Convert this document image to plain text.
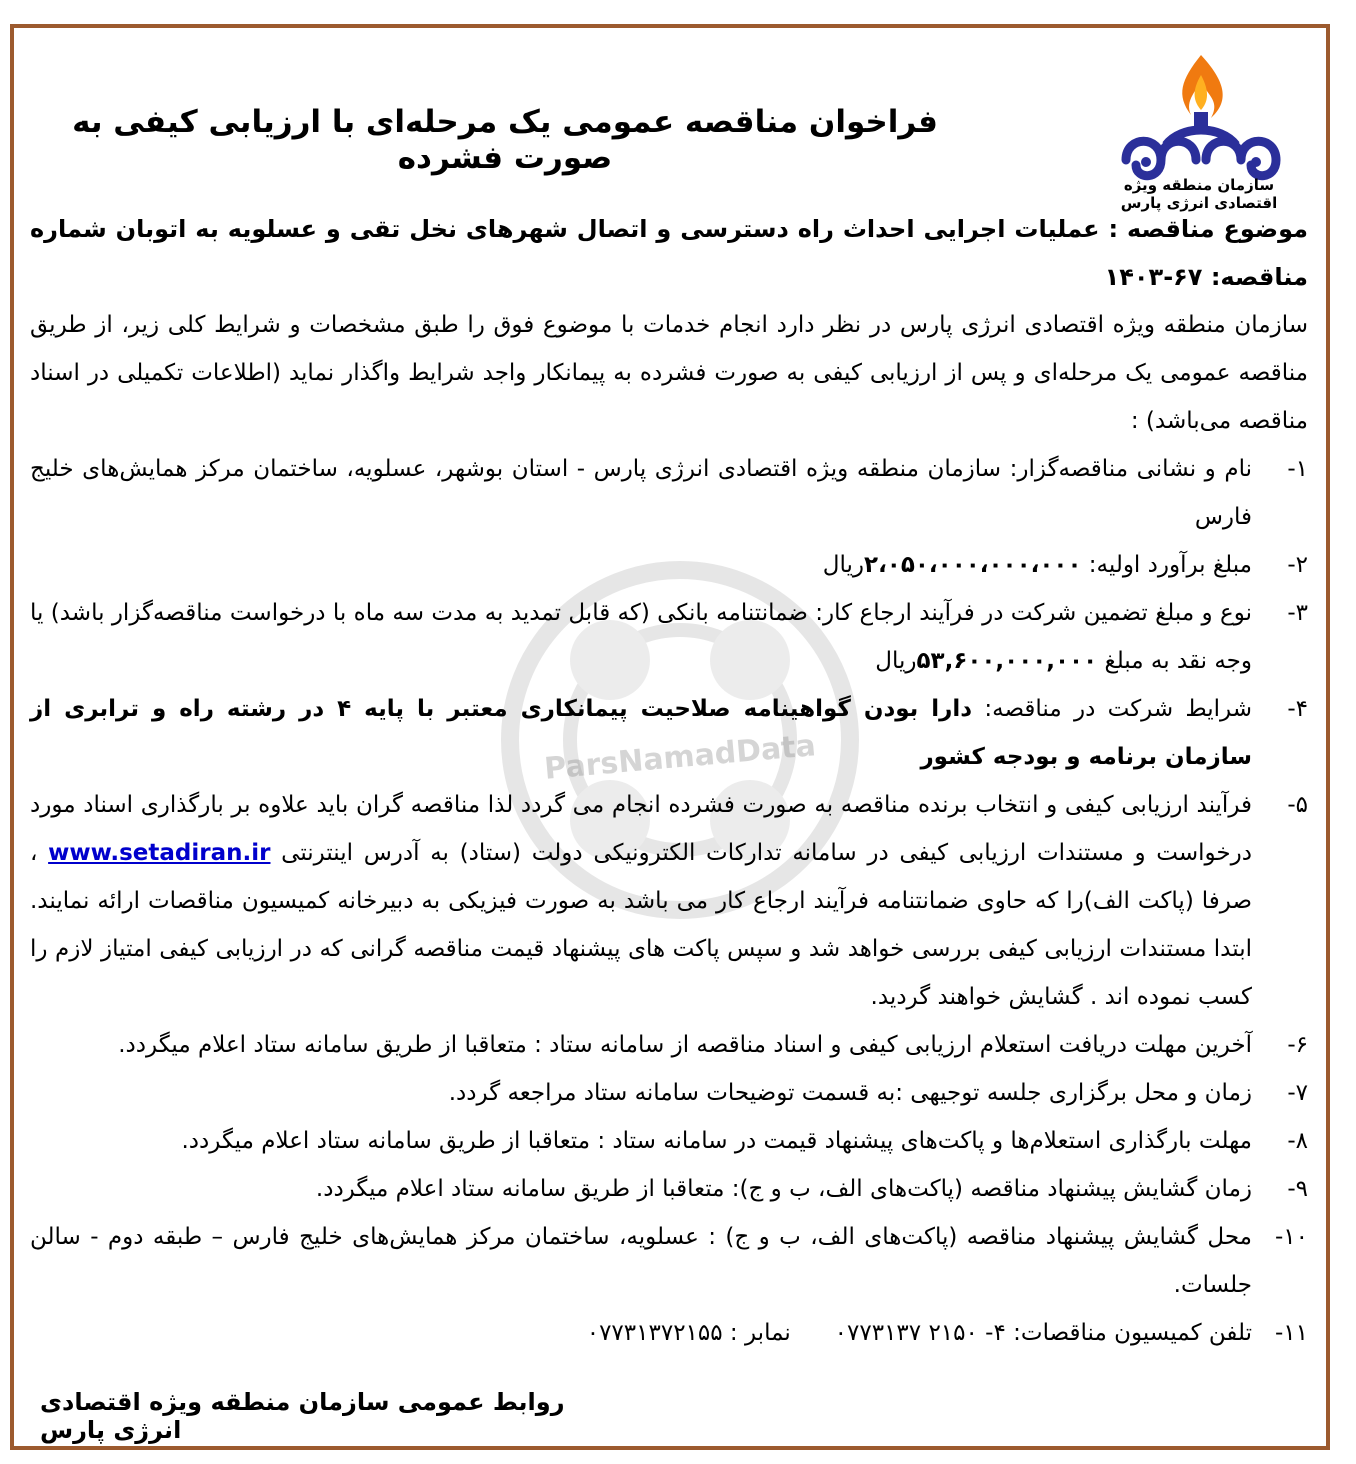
ParsNamadData
سازمان منطقه ویژه اقتصادی انرژی پارس
فراخوان مناقصه عمومی یک مرحله‌ای با ارزیابی کیفی به صورت فشرده
موضوع مناقصه : عملیات اجرایی احداث راه دسترسی و اتصال شهرهای نخل تقی و عسلویه به اتوبان شماره مناقصه: ۶۷-۱۴۰۳

سازمان منطقه ویژه اقتصادی انرژی پارس در نظر دارد انجام خدمات با موضوع فوق را طبق مشخصات و شرایط کلی زیر، از طریق مناقصه عمومی یک مرحله‌ای و پس از ارزیابی کیفی به صورت فشرده به پیمانکار واجد شرایط واگذار نماید (اطلاعات تکمیلی در اسناد مناقصه می‌باشد) :

۱-
نام و نشانی مناقصه‌گزار: سازمان منطقه ویژه اقتصادی انرژی پارس - استان بوشهر، عسلویه، ساختمان مرکز همایش‌های خلیج فارس
۲-
مبلغ برآورد اولیه: ۲،۰۵۰،۰۰۰،۰۰۰،۰۰۰ریال
۳-
نوع و مبلغ تضمین شرکت در فرآیند ارجاع کار: ضمانتنامه بانکی (که قابل تمدید به مدت سه ماه با درخواست مناقصه‌گزار باشد) یا وجه نقد به مبلغ ۵۳,۶۰۰,۰۰۰,۰۰۰ریال
۴-
شرایط شرکت در مناقصه: دارا بودن گواهینامه صلاحیت پیمانکاری معتبر با پایه ۴ در رشته راه و ترابری از سازمان برنامه و بودجه کشور
۵-
فرآیند ارزیابی کیفی و انتخاب برنده مناقصه به صورت فشرده انجام می گردد لذا مناقصه گران باید علاوه بر بارگذاری اسناد مورد درخواست و مستندات ارزیابی کیفی در سامانه تدارکات الکترونیکی دولت (ستاد) به آدرس اینترنتی www.setadiran.ir ، صرفا (پاکت الف)را که حاوی ضمانتنامه فرآیند ارجاع کار می باشد به صورت فیزیکی به دبیرخانه کمیسیون مناقصات ارائه نمایند. ابتدا مستندات ارزیابی کیفی بررسی خواهد شد و سپس پاکت های پیشنهاد قیمت مناقصه گرانی که در ارزیابی کیفی امتیاز لازم را کسب نموده اند . گشایش خواهند گردید.
۶-
آخرین مهلت دریافت استعلام ارزیابی کیفی و اسناد مناقصه از سامانه ستاد : متعاقبا از طریق سامانه ستاد اعلام میگردد.
۷-
زمان و محل برگزاری جلسه توجیهی :به قسمت توضیحات سامانه ستاد مراجعه گردد.
۸-
مهلت بارگذاری استعلام‌ها و پاکت‌های پیشنهاد قیمت در سامانه ستاد : متعاقبا از طریق سامانه ستاد اعلام میگردد.
۹-
زمان گشایش پیشنهاد مناقصه (پاکت‌های الف، ب و ج): متعاقبا از طریق سامانه ستاد اعلام میگردد.
۱۰-
محل گشایش پیشنهاد مناقصه (پاکت‌های الف، ب و ج) : عسلویه، ساختمان مرکز همایش‌های خلیج فارس – طبقه دوم - سالن جلسات.
۱۱-
تلفن کمیسیون مناقصات: ۴- ۲۱۵۰ ۰۷۷۳۱۳۷      نمابر : ۰۷۷۳۱۳۷۲۱۵۵
روابط عمومی سازمان منطقه ویژه اقتصادی انرژی پارس
